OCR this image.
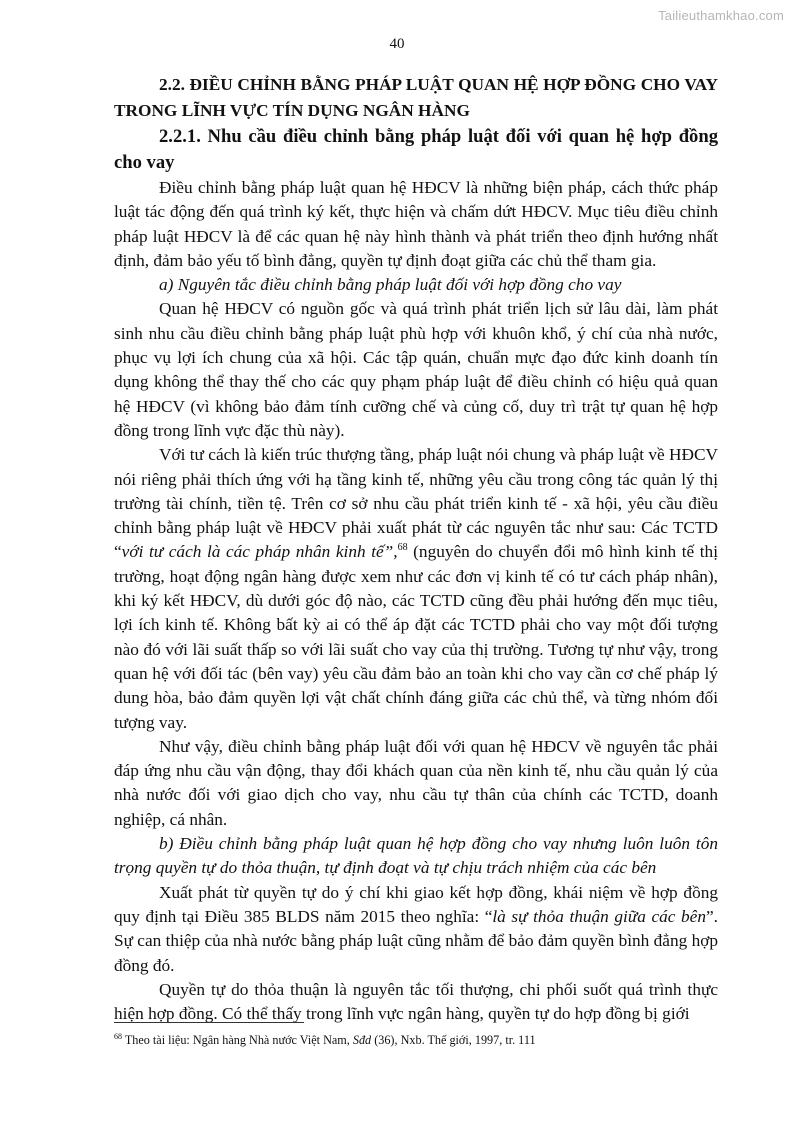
Tailieuthamkhao.com
40
2.2. ĐIỀU CHỈNH BẰNG PHÁP LUẬT QUAN HỆ HỢP ĐỒNG CHO VAY TRONG LĨNH VỰC TÍN DỤNG NGÂN HÀNG
2.2.1. Nhu cầu điều chỉnh bằng pháp luật đối với quan hệ hợp đồng cho vay

Điều chỉnh bằng pháp luật quan hệ HĐCV là những biện pháp, cách thức pháp luật tác động đến quá trình ký kết, thực hiện và chấm dứt HĐCV. Mục tiêu điều chỉnh pháp luật HĐCV là để các quan hệ này hình thành và phát triển theo định hướng nhất định, đảm bảo yếu tố bình đẳng, quyền tự định đoạt giữa các chủ thể tham gia.

a) Nguyên tắc điều chỉnh bằng pháp luật đối với hợp đồng cho vay

Quan hệ HĐCV có nguồn gốc và quá trình phát triển lịch sử lâu dài, làm phát sinh nhu cầu điều chỉnh bằng pháp luật phù hợp với khuôn khổ, ý chí của nhà nước, phục vụ lợi ích chung của xã hội. Các tập quán, chuẩn mực đạo đức kinh doanh tín dụng không thể thay thế cho các quy phạm pháp luật để điều chỉnh có hiệu quả quan hệ HĐCV (vì không bảo đảm tính cưỡng chế và củng cố, duy trì trật tự quan hệ hợp đồng trong lĩnh vực đặc thù này).

Với tư cách là kiến trúc thượng tầng, pháp luật nói chung và pháp luật về HĐCV nói riêng phải thích ứng với hạ tầng kinh tế, những yêu cầu trong công tác quản lý thị trường tài chính, tiền tệ. Trên cơ sở nhu cầu phát triển kinh tế - xã hội, yêu cầu điều chỉnh bằng pháp luật về HĐCV phải xuất phát từ các nguyên tắc như sau: Các TCTD “với tư cách là các pháp nhân kinh tế”,$^{68}$ (nguyên do chuyển đổi mô hình kinh tế thị trường, hoạt động ngân hàng được xem như các đơn vị kinh tế có tư cách pháp nhân), khi ký kết HĐCV, dù dưới góc độ nào, các TCTD cũng đều phải hướng đến mục tiêu, lợi ích kinh tế. Không bất kỳ ai có thể áp đặt các TCTD phải cho vay một đối tượng nào đó với lãi suất thấp so với lãi suất cho vay của thị trường. Tương tự như vậy, trong quan hệ với đối tác (bên vay) yêu cầu đảm bảo an toàn khi cho vay cần cơ chế pháp lý dung hòa, bảo đảm quyền lợi vật chất chính đáng giữa các chủ thể, và từng nhóm đối tượng vay.

Như vậy, điều chỉnh bằng pháp luật đối với quan hệ HĐCV về nguyên tắc phải đáp ứng nhu cầu vận động, thay đổi khách quan của nền kinh tế, nhu cầu quản lý của nhà nước đối với giao dịch cho vay, nhu cầu tự thân của chính các TCTD, doanh nghiệp, cá nhân.

b) Điều chỉnh bằng pháp luật quan hệ hợp đồng cho vay nhưng luôn luôn tôn trọng quyền tự do thỏa thuận, tự định đoạt và tự chịu trách nhiệm của các bên

Xuất phát từ quyền tự do ý chí khi giao kết hợp đồng, khái niệm về hợp đồng quy định tại Điều 385 BLDS năm 2015 theo nghĩa: “là sự thỏa thuận giữa các bên”. Sự can thiệp của nhà nước bằng pháp luật cũng nhằm để bảo đảm quyền bình đẳng hợp đồng đó.

Quyền tự do thỏa thuận là nguyên tắc tối thượng, chi phối suốt quá trình thực hiện hợp đồng. Có thể thấy trong lĩnh vực ngân hàng, quyền tự do hợp đồng bị giới

$^{68}$ Theo tài liệu: Ngân hàng Nhà nước Việt Nam, Sđd (36), Nxb. Thế giới, 1997, tr. 111
